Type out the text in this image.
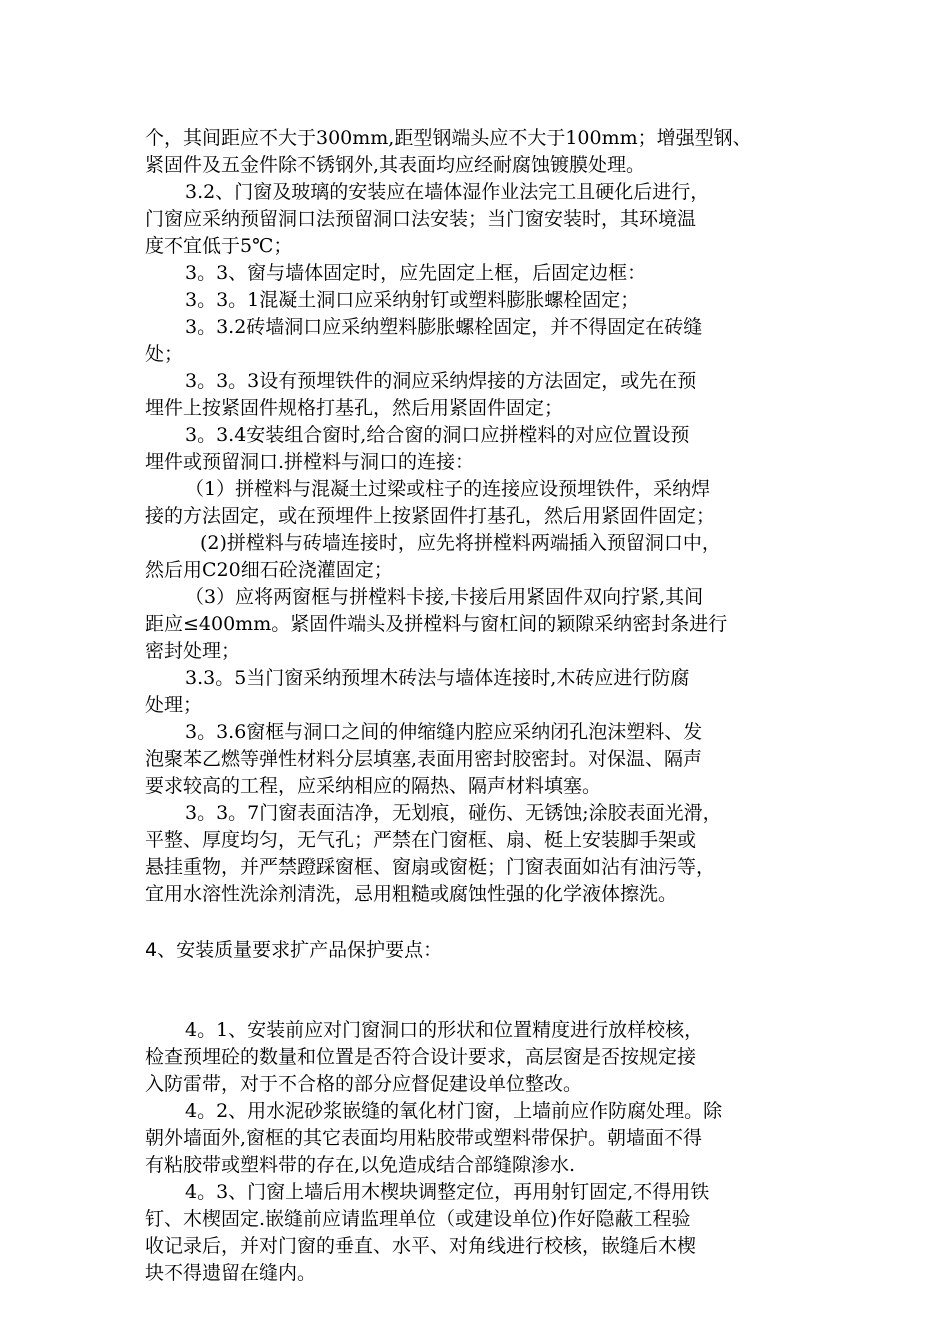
个，其间距应不大于300mm,距型钢端头应不大于100mm；增强型钢、
紧固件及五金件除不锈钢外,其表面均应经耐腐蚀镀膜处理。
3.2、门窗及玻璃的安装应在墙体湿作业法完工且硬化后进行，
门窗应采纳预留洞口法预留洞口法安装；当门窗安装时，其环境温
度不宜低于5℃；
3。3、窗与墙体固定时，应先固定上框，后固定边框：
3。3。1混凝土洞口应采纳射钉或塑料膨胀螺栓固定；
3。3.2砖墙洞口应采纳塑料膨胀螺栓固定，并不得固定在砖缝
处；
3。3。3设有预埋铁件的洞应采纳焊接的方法固定，或先在预
埋件上按紧固件规格打基孔，然后用紧固件固定；
3。3.4安装组合窗时,给合窗的洞口应拼樘料的对应位置设预
埋件或预留洞口.拼樘料与洞口的连接：
（1）拼樘料与混凝土过梁或柱子的连接应设预埋铁件，采纳焊
接的方法固定，或在预埋件上按紧固件打基孔，然后用紧固件固定；
(2)拼樘料与砖墙连接时，应先将拼樘料两端插入预留洞口中，
然后用C20细石砼浇灌固定；
（3）应将两窗框与拼樘料卡接,卡接后用紧固件双向拧紧,其间
距应≤400mm。紧固件端头及拼樘料与窗杠间的颖隙采纳密封条进行
密封处理；
3.3。5当门窗采纳预埋木砖法与墙体连接时,木砖应进行防腐
处理；
3。3.6窗框与洞口之间的伸缩缝内腔应采纳闭孔泡沫塑料、发
泡聚苯乙燃等弹性材料分层填塞,表面用密封胶密封。对保温、隔声
要求较高的工程，应采纳相应的隔热、隔声材料填塞。
3。3。7门窗表面洁净，无划痕，碰伤、无锈蚀;涂胶表面光滑，
平整、厚度均匀，无气孔；严禁在门窗框、扇、梃上安装脚手架或
悬挂重物，并严禁蹬踩窗框、窗扇或窗梃；门窗表面如沾有油污等，
宜用水溶性洗涂剂清洗，忌用粗糙或腐蚀性强的化学液体擦洗。
4、安装质量要求扩产品保护要点：
4。1、安装前应对门窗洞口的形状和位置精度进行放样校核，
检查预埋砼的数量和位置是否符合设计要求，高层窗是否按规定接
入防雷带，对于不合格的部分应督促建设单位整改。
4。2、用水泥砂浆嵌缝的氧化材门窗，上墙前应作防腐处理。除
朝外墙面外,窗框的其它表面均用粘胶带或塑料带保护。朝墙面不得
有粘胶带或塑料带的存在,以免造成结合部缝隙渗水.
4。3、门窗上墙后用木楔块调整定位，再用射钉固定,不得用铁
钉、木楔固定.嵌缝前应请监理单位（或建设单位)作好隐蔽工程验
收记录后，并对门窗的垂直、水平、对角线进行校核，嵌缝后木楔
块不得遗留在缝内。
